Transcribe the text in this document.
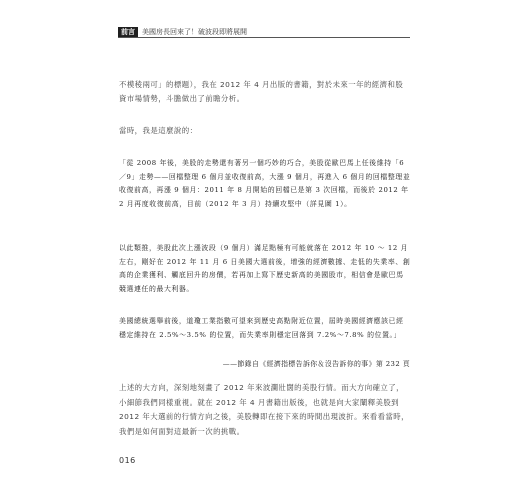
前言	美國房長回來了！破波段即將展開

不模稜兩可」的標題），我在 2012 年 4 月出版的書籍，對於未來一年的經濟和股資市場情勢，斗膽做出了前瞻分析。

當時，我是這麼說的：

「從 2008 年後，美股的走勢還有著另一個巧妙的巧合，美股從歐巴馬上任後維持「6／9」走勢——回檔整理 6 個月並收復前高，大漲 9 個月，再進入 6 個月的回檔整理並收復前高，再漲 9 個月：2011 年 8 月開始的回檔已是第 3 次回檔，而後於 2012 年 2 月再度收復前高，目前（2012 年 3 月）持續攻堅中（詳見圖 1）。

以此類推，美股此次上漲波段（9 個月）滿足點極有可能就落在 2012 年 10 ～ 12 月左右，剛好在 2012 年 11 月 6 日美國大選前後，增強的經濟數據、走低的失業率、創高的企業獲利、觸底回升的房價，若再加上寫下歷史新高的美國股市，相信會是歐巴馬競選連任的最大利器。

美國總統選舉前後，道瓊工業指數可望來到歷史高點附近位置，屆時美國經濟應該已經穩定維持在 2.5%～3.5% 的位置，而失業率則穩定回落到 7.2%～7.8% 的位置。」

——節錄自《經濟指標告訴你＆沒告訴你的事》第 232 頁

上述的大方向，深刻地刻畫了 2012 年來波瀾壯闊的美股行情。而大方向確立了，小細節我們同樣重視。就在 2012 年 4 月書籍出版後，也就是向大家闡釋美股到 2012 年大選前的行情方向之後，美股轉即在接下來的時間出現波折。來看看當時，我們是如何面對這最新一次的挑戰。

016
